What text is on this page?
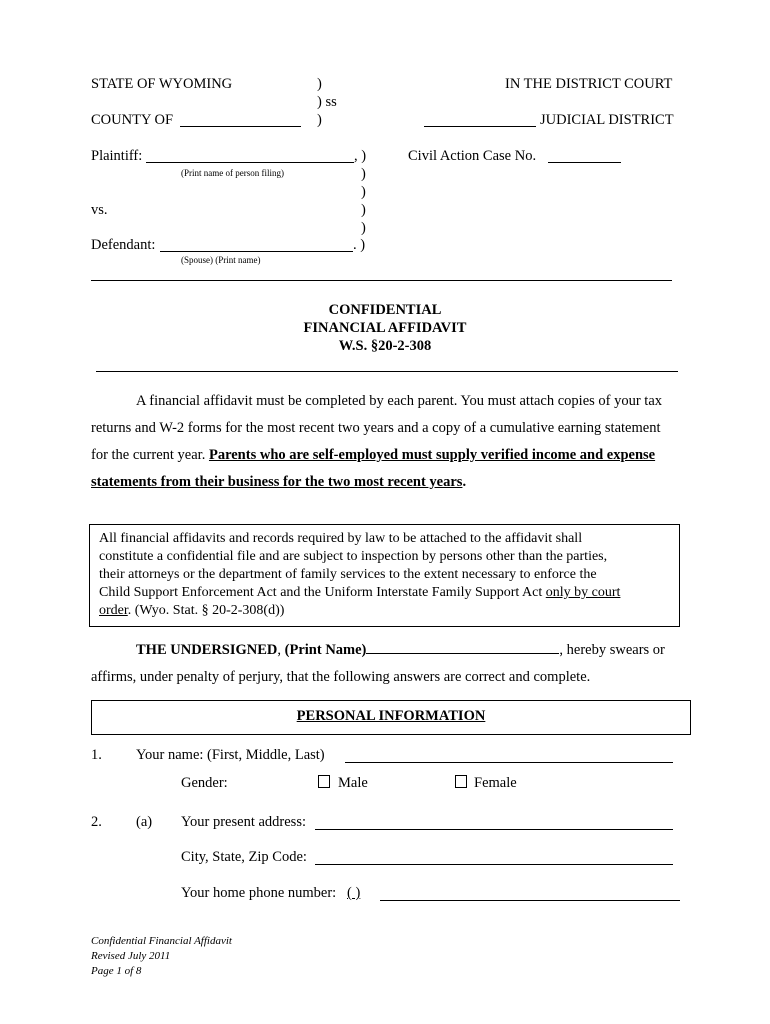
STATE OF WYOMING	)
) ss
)
IN THE DISTRICT COURT
COUNTY OF	JUDICIAL DISTRICT
Plaintiff:	, )
(Print name of person filing)
Civil Action Case No.
)
)
vs.	)
)
Defendant:	. )
(Spouse) (Print name)
CONFIDENTIAL
FINANCIAL AFFIDAVIT
W.S. §20-2-308
A financial affidavit must be completed by each parent. You must attach copies of your tax
returns and W-2 forms for the most recent two years and a copy of a cumulative earning statement
for the current year. Parents who are self-employed must supply verified income and expense
statements from their business for the two most recent years.
All financial affidavits and records required by law to be attached to the affidavit shall
constitute a confidential file and are subject to inspection by persons other than the parties,
their attorneys or the department of family services to the extent necessary to enforce the
Child Support Enforcement Act and the Uniform Interstate Family Support Act only by court
order. (Wyo. Stat. § 20-2-308(d))
THE UNDERSIGNED, (Print Name)	, hereby swears or
affirms, under penalty of perjury, that the following answers are correct and complete.
PERSONAL INFORMATION
1. Your name: (First, Middle, Last)
Gender:	Male	Female
2. (a) Your present address:
City, State, Zip Code:
Your home phone number: ( )
Confidential Financial Affidavit
Revised July 2011
Page 1 of 8
